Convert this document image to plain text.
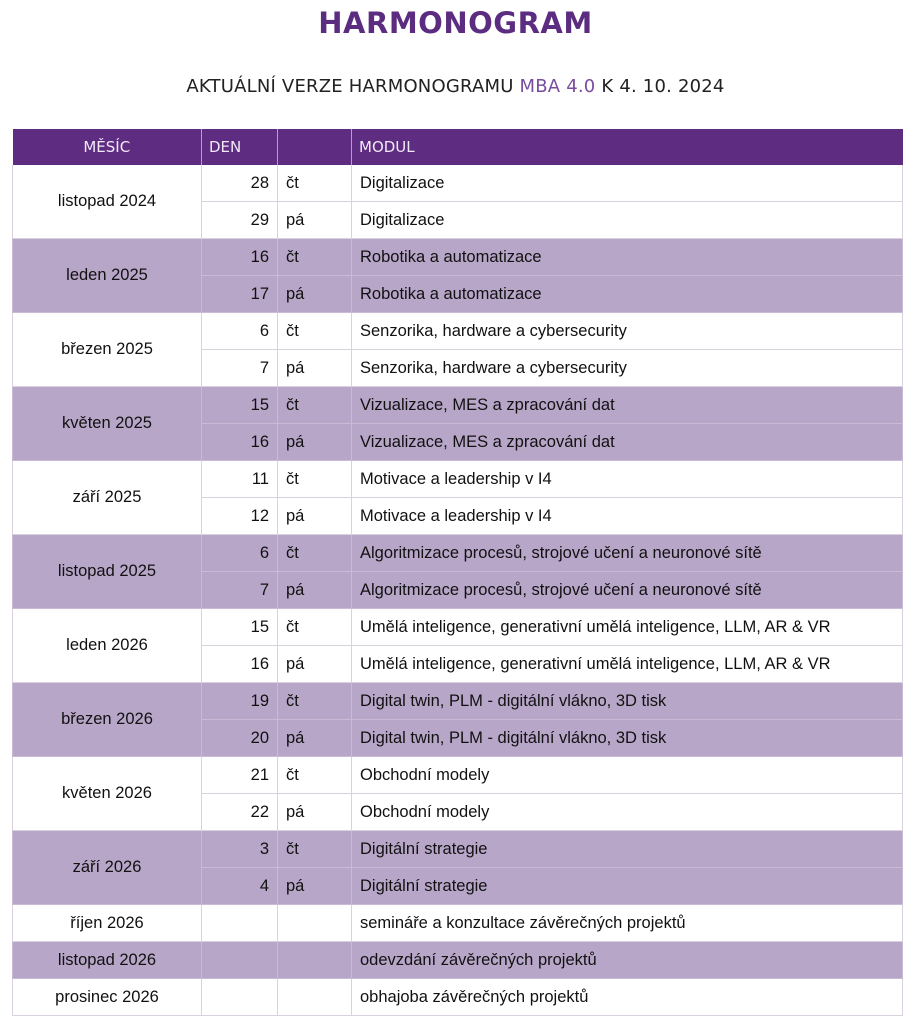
HARMONOGRAM
AKTUÁLNÍ VERZE HARMONOGRAMU MBA 4.0 K 4. 10. 2024
MĚSÍC	DEN		MODUL
listopad 2024	28	čt	Digitalizace
	29	pá	Digitalizace
leden 2025	16	čt	Robotika a automatizace
	17	pá	Robotika a automatizace
březen 2025	6	čt	Senzorika, hardware a cybersecurity
	7	pá	Senzorika, hardware a cybersecurity
květen 2025	15	čt	Vizualizace, MES a zpracování dat
	16	pá	Vizualizace, MES a zpracování dat
září 2025	11	čt	Motivace a leadership v I4
	12	pá	Motivace a leadership v I4
listopad 2025	6	čt	Algoritmizace procesů, strojové učení a neuronové sítě
	7	pá	Algoritmizace procesů, strojové učení a neuronové sítě
leden 2026	15	čt	Umělá inteligence, generativní umělá inteligence, LLM, AR & VR
	16	pá	Umělá inteligence, generativní umělá inteligence, LLM, AR & VR
březen 2026	19	čt	Digital twin, PLM - digitální vlákno, 3D tisk
	20	pá	Digital twin, PLM - digitální vlákno, 3D tisk
květen 2026	21	čt	Obchodní modely
	22	pá	Obchodní modely
září 2026	3	čt	Digitální strategie
	4	pá	Digitální strategie
říjen 2026			semináře a konzultace závěrečných projektů
listopad 2026			odevzdání závěrečných projektů
prosinec 2026			obhajoba závěrečných projektů
